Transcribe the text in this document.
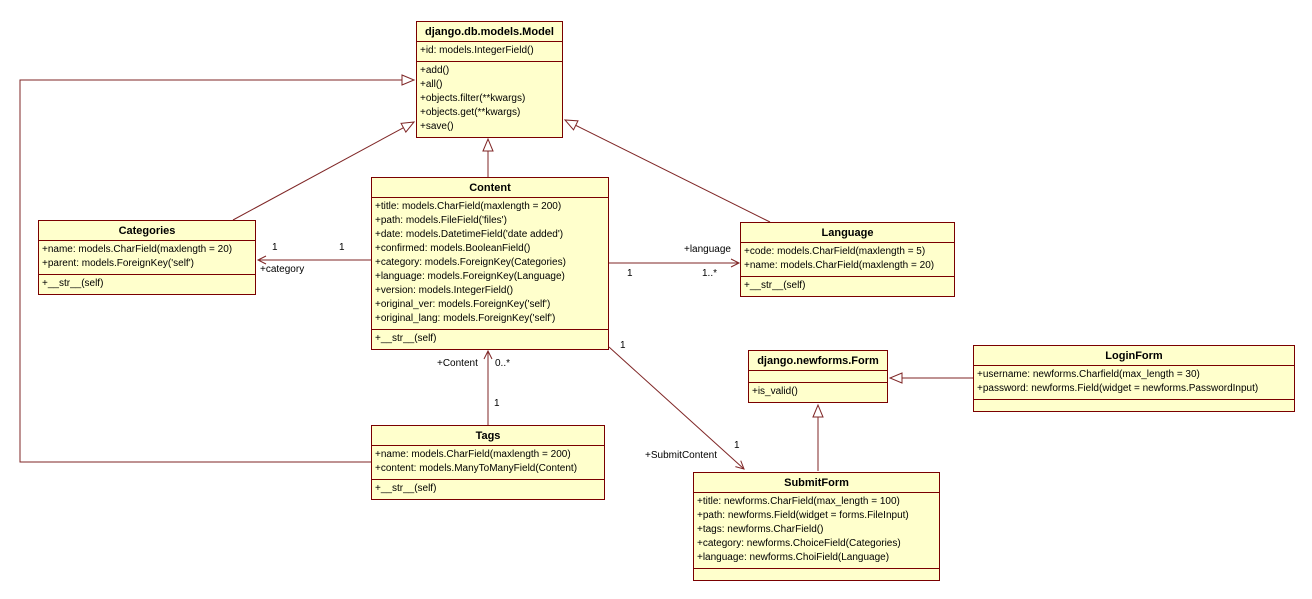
django.db.models.Model
+id: models.IntegerField()
+add()
+all()
+objects.filter(**kwargs)
+objects.get(**kwargs)
+save()
Categories
+name: models.CharField(maxlength = 20)
+parent: models.ForeignKey('self')
+__str__(self)
Content
+title: models.CharField(maxlength = 200)
+path: models.FileField('files')
+date: models.DatetimeField('date added')
+confirmed: models.BooleanField()
+category: models.ForeignKey(Categories)
+language: models.ForeignKey(Language)
+version: models.IntegerField()
+original_ver: models.ForeignKey('self')
+original_lang: models.ForeignKey('self')
+__str__(self)
Language
+code: models.CharField(maxlength = 5)
+name: models.CharField(maxlength = 20)
+__str__(self)
Tags
+name: models.CharField(maxlength = 200)
+content: models.ManyToManyField(Content)
+__str__(self)
django.newforms.Form
+is_valid()
LoginForm
+username: newforms.Charfield(max_length = 30)
+password: newforms.Field(widget = newforms.PasswordInput)
SubmitForm
+title: newforms.CharField(max_length = 100)
+path: newforms.Field(widget = forms.FileInput)
+tags: newforms.CharField()
+category: newforms.ChoiceField(Categories)
+language: newforms.ChoiField(Language)
1	1
+category
+language
1	1..*
+Content 0..*
1
1
+SubmitContent
1
